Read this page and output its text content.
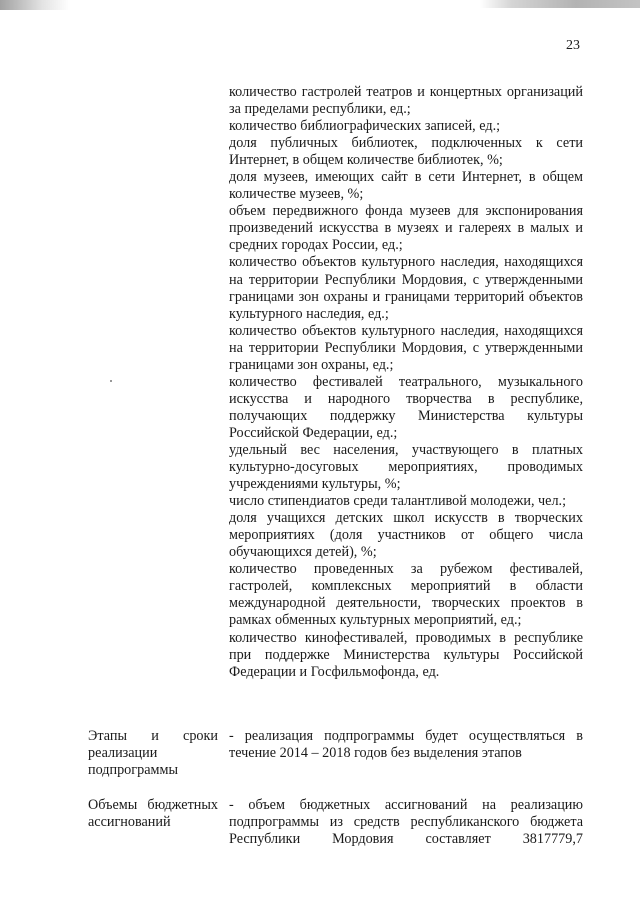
23
количество гастролей театров и концертных организаций за пределами республики, ед.;
количество библиографических записей, ед.;
доля публичных библиотек, подключенных к сети Интернет, в общем количестве библиотек, %;
доля музеев, имеющих сайт в сети Интернет, в общем количестве музеев, %;
объем передвижного фонда музеев для экспонирования произведений искусства в музеях и галереях в малых и средних городах России, ед.;
количество объектов культурного наследия, находящихся на территории Республики Мордовия, с утвержденными границами зон охраны и границами территорий объектов культурного наследия, ед.;
количество объектов культурного наследия, находящихся на территории Республики Мордовия, с утвержденными границами зон охраны, ед.;
количество фестивалей театрального, музыкального искусства и народного творчества в республике, получающих поддержку Министерства культуры Российской Федерации, ед.;
удельный вес населения, участвующего в платных культурно-досуговых мероприятиях, проводимых учреждениями культуры, %;
число стипендиатов среди талантливой молодежи, чел.;
доля учащихся детских школ искусств в творческих мероприятиях (доля участников от общего числа обучающихся детей), %;
количество проведенных за рубежом фестивалей, гастролей, комплексных мероприятий в области международной деятельности, творческих проектов в рамках обменных культурных мероприятий, ед.;
количество кинофестивалей, проводимых в республике при поддержке Министерства культуры Российской Федерации и Госфильмофонда, ед.
Этапы и сроки реализации подпрограммы
- реализация подпрограммы будет осуществляться в течение 2014 – 2018 годов без выделения этапов
Объемы бюджетных ассигнований
- объем бюджетных ассигнований на реализацию подпрограммы из средств республиканского бюджета Республики Мордовия составляет 3817779,7
